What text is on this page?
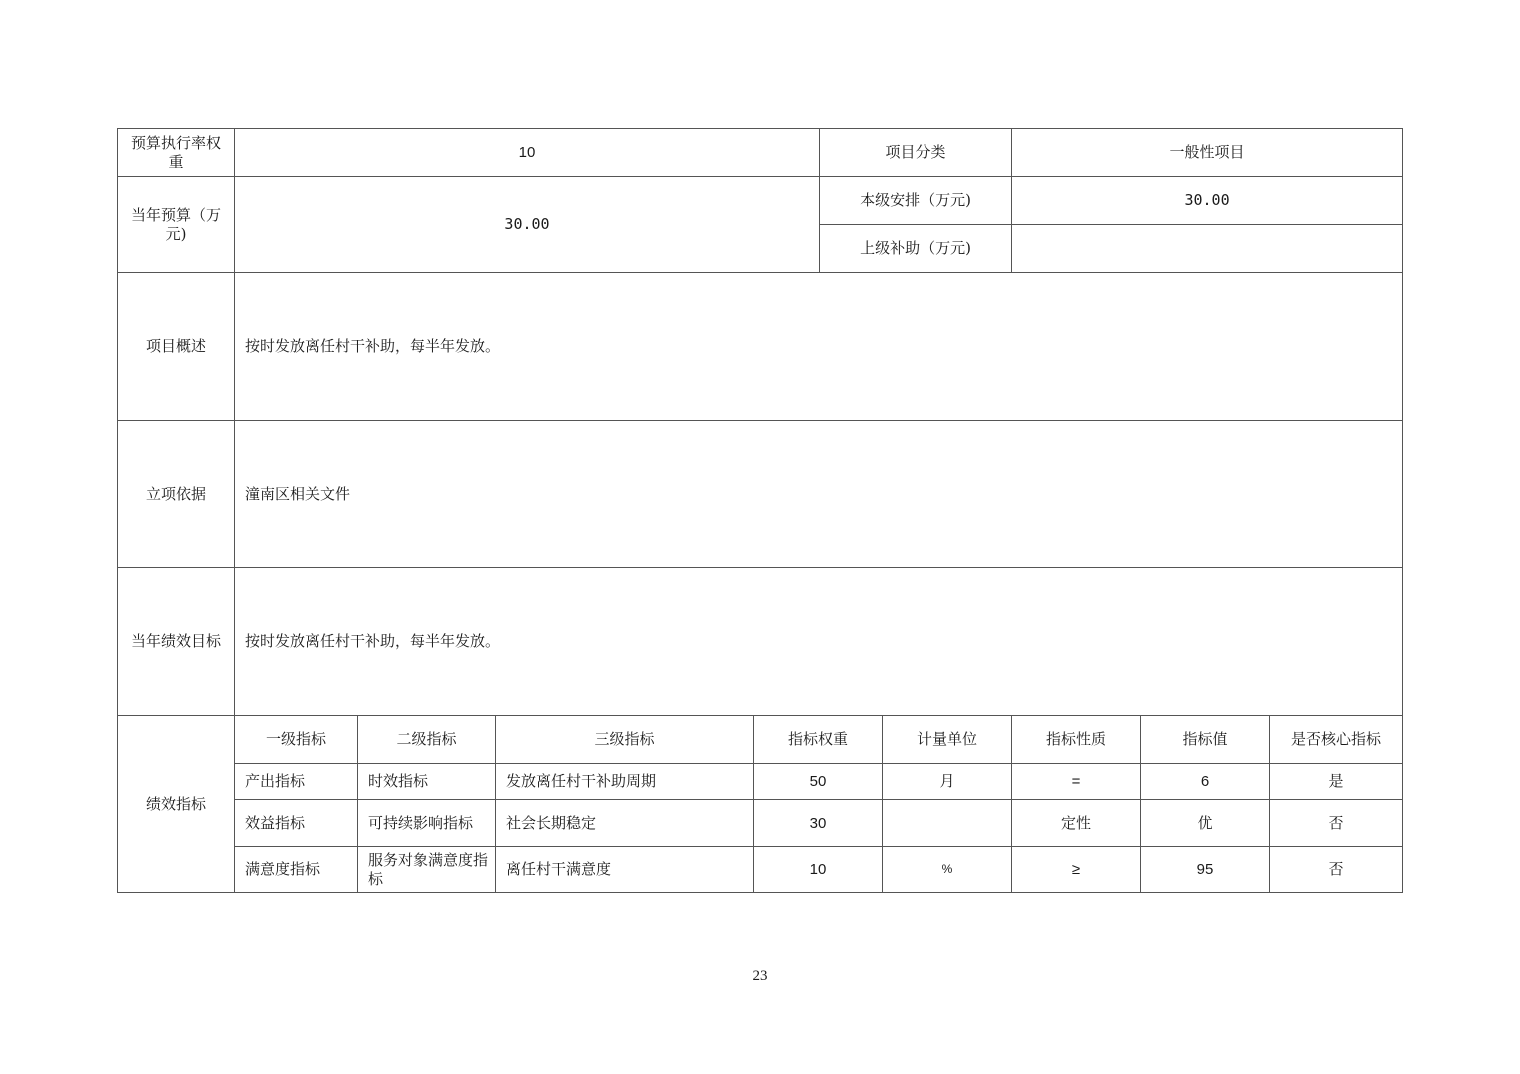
预算执行率权重	10				项目分类		一般性项目		
当年预算（万元)	30.00				本级安排（万元)		30.00		
					上级补助（万元)				
项目概述	按时发放离任村干补助，每半年发放。								
立项依据	潼南区相关文件								
当年绩效目标	按时发放离任村干补助，每半年发放。								
绩效指标	一级指标	二级指标	三级指标	指标权重		计量单位	指标性质	指标值	是否核心指标
	产出指标	时效指标	发放离任村干补助周期	50		月	=	6	是
	效益指标	可持续影响指标	社会长期稳定	30			定性	优	否
	满意度指标	服务对象满意度指标	离任村干满意度	10		%	≥	95	否
23
